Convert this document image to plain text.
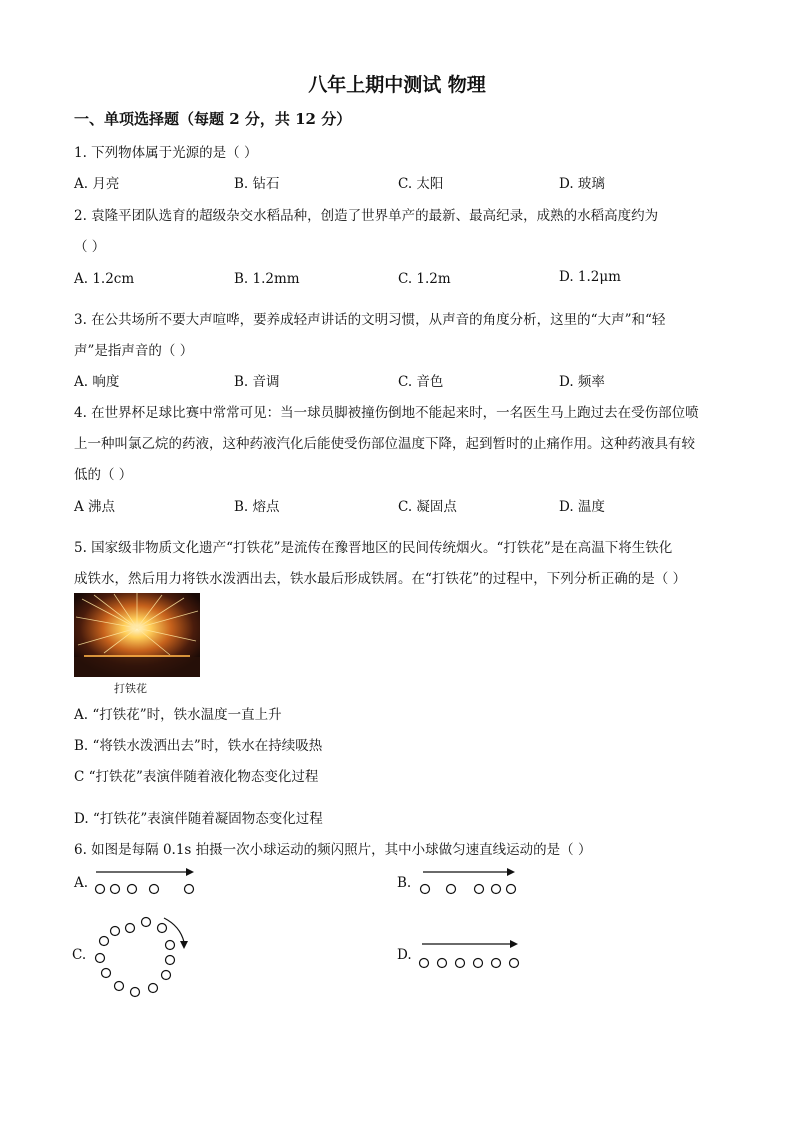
八年上期中测试 物理
一、单项选择题（每题 2 分，共 12 分）
1. 下列物体属于光源的是（ ）
A. 月亮	B. 钻石	C. 太阳	D. 玻璃
2. 袁隆平团队选育的超级杂交水稻品种，创造了世界单产的最新、最高纪录，成熟的水稻高度约为
（ ）
A. 1.2cm	B. 1.2mm	C. 1.2m	D. 1.2μm
3. 在公共场所不要大声喧哗，要养成轻声讲话的文明习惯，从声音的角度分析，这里的“大声”和“轻
声”是指声音的（ ）
A. 响度	B. 音调	C. 音色	D. 频率
4. 在世界杯足球比赛中常常可见：当一球员脚被撞伤倒地不能起来时，一名医生马上跑过去在受伤部位喷
上一种叫氯乙烷的药液，这种药液汽化后能使受伤部位温度下降，起到暂时的止痛作用。这种药液具有较
低的（ ）
A 沸点	B. 熔点	C. 凝固点	D. 温度
5. 国家级非物质文化遗产“打铁花”是流传在豫晋地区的民间传统烟火。“打铁花”是在高温下将生铁化
成铁水，然后用力将铁水泼洒出去，铁水最后形成铁屑。在“打铁花”的过程中，下列分析正确的是（ ）
打铁花
A. “打铁花”时，铁水温度一直上升
B. “将铁水泼洒出去”时，铁水在持续吸热
C “打铁花”表演伴随着液化物态变化过程
D. “打铁花”表演伴随着凝固物态变化过程
6. 如图是每隔 0.1s 拍摄一次小球运动的频闪照片，其中小球做匀速直线运动的是（ ）
A.	B.
C.	D.
